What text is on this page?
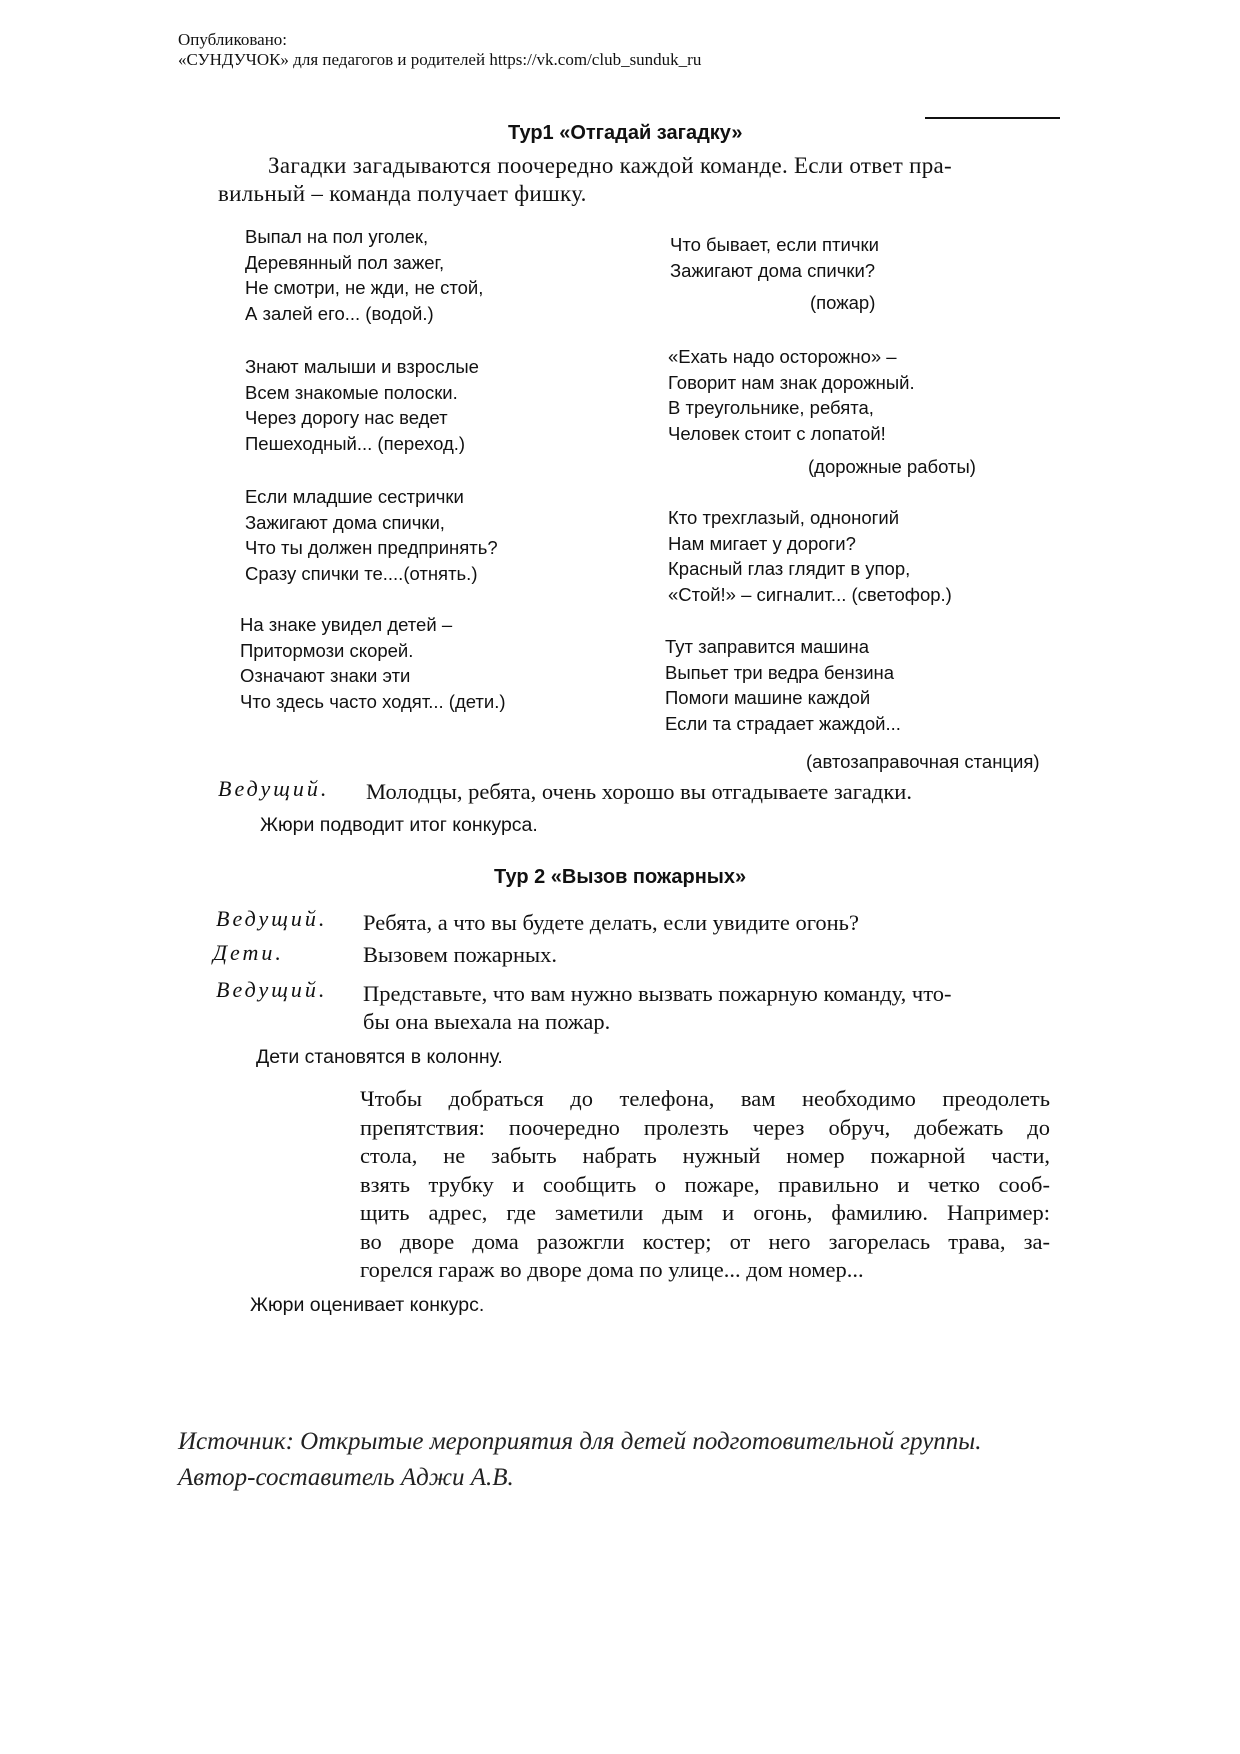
Опубликовано:
«СУНДУЧОК» для педагогов и родителей https://vk.com/club_sunduk_ru
Тур1 «Отгадай загадку»
Загадки загадываются поочередно каждой команде. Если ответ пра-
вильный – команда получает фишку.
Выпал на пол уголек,
Деревянный пол зажег,
Не смотри, не жди, не стой,
А залей его... (водой.)
Знают малыши и взрослые
Всем знакомые полоски.
Через дорогу нас ведет
Пешеходный... (переход.)
Если младшие сестрички
Зажигают дома спички,
Что ты должен предпринять?
Сразу спички те....(отнять.)
На знаке увидел детей –
Притормози скорей.
Означают знаки эти
Что здесь часто ходят... (дети.)
Что бывает, если птички
Зажигают дома спички?
(пожар)
«Ехать надо осторожно» –
Говорит нам знак дорожный.
В треугольнике, ребята,
Человек стоит с лопатой!
(дорожные работы)
Кто трехглазый, одноногий
Нам мигает у дороги?
Красный глаз глядит в упор,
«Стой!» – сигналит... (светофор.)
Тут заправится машина
Выпьет три ведра бензина
Помоги машине каждой
Если та страдает жаждой...
(автозаправочная станция)
Ведущий. Молодцы, ребята, очень хорошо вы отгадываете загадки.
Жюри подводит итог конкурса.
Тур 2 «Вызов пожарных»
Ведущий. Ребята, а что вы будете делать, если увидите огонь?
Дети.	Вызовем пожарных.
Ведущий. Представьте, что вам нужно вызвать пожарную команду, что-
бы она выехала на пожар.
Дети становятся в колонну.
Чтобы добраться до телефона, вам необходимо преодолеть
препятствия: поочередно пролезть через обруч, добежать до
стола, не забыть набрать нужный номер пожарной части,
взять трубку и сообщить о пожаре, правильно и четко сооб-
щить адрес, где заметили дым и огонь, фамилию. Например:
во дворе дома разожгли костер; от него загорелась трава, за-
горелся гараж во дворе дома по улице... дом номер...
Жюри оценивает конкурс.
Источник: Открытые мероприятия для детей подготовительной группы.
Автор-составитель Аджи А.В.
